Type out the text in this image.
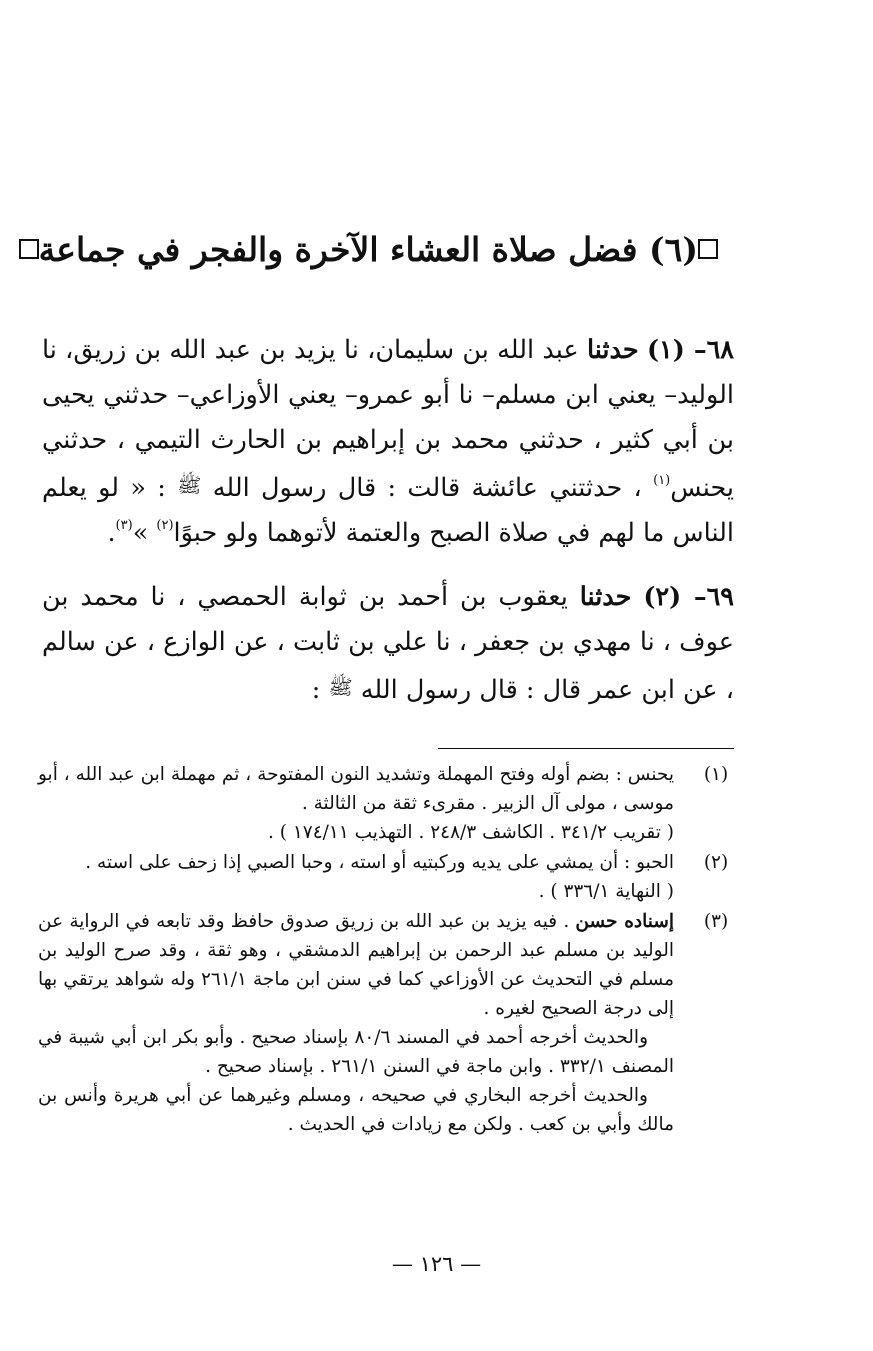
(٦) فضل صلاة العشاء الآخرة والفجر في جماعة

٦٨– (١) حدثنا عبد الله بن سليمان، نا يزيد بن عبد الله بن زريق، نا الوليد– يعني ابن مسلم– نا أبو عمرو– يعني الأوزاعي– حدثني يحيى بن أبي كثير ، حدثني محمد بن إبراهيم بن الحارث التيمي ، حدثني يحنس$^{(١)}$ ، حدثتني عائشة قالت : قال رسول الله ﷺ : « لو يعلم الناس ما لهم في صلاة الصبح والعتمة لأتوهما ولو حبوًا$^{(٢)}$ »$^{(٣)}$.

٦٩– (٢) حدثنا يعقوب بن أحمد بن ثوابة الحمصي ، نا محمد بن عوف ، نا مهدي بن جعفر ، نا علي بن ثابت ، عن الوازع ، عن سالم ، عن ابن عمر قال : قال رسول الله ﷺ :

(١)

يحنس : بضم أوله وفتح المهملة وتشديد النون المفتوحة ، ثم مهملة ابن عبد الله ، أبو موسى ، مولى آل الزبير . مقرىء ثقة من الثالثة .

( تقريب ٣٤١/٢ . الكاشف ٢٤٨/٣ . التهذيب ١٧٤/١١ ) .

(٢)

الحبو : أن يمشي على يديه وركبتيه أو استه ، وحبا الصبي إذا زحف على استه .

( النهاية ٣٣٦/١ ) .

(٣)

إسناده حسن . فيه يزيد بن عبد الله بن زريق صدوق حافظ وقد تابعه في الرواية عن الوليد بن مسلم عبد الرحمن بن إبراهيم الدمشقي ، وهو ثقة ، وقد صرح الوليد بن مسلم في التحديث عن الأوزاعي كما في سنن ابن ماجة ٢٦١/١ وله شواهد يرتقي بها إلى درجة الصحيح لغيره .

والحديث أخرجه أحمد في المسند ٨٠/٦ بإسناد صحيح . وأبو بكر ابن أبي شيبة في المصنف ٣٣٢/١ . وابن ماجة في السنن ٢٦١/١ . بإسناد صحيح .

والحديث أخرجه البخاري في صحيحه ، ومسلم وغيرهما عن أبي هريرة وأنس بن مالك وأبي بن كعب . ولكن مع زيادات في الحديث .

— ١٢٦ —
